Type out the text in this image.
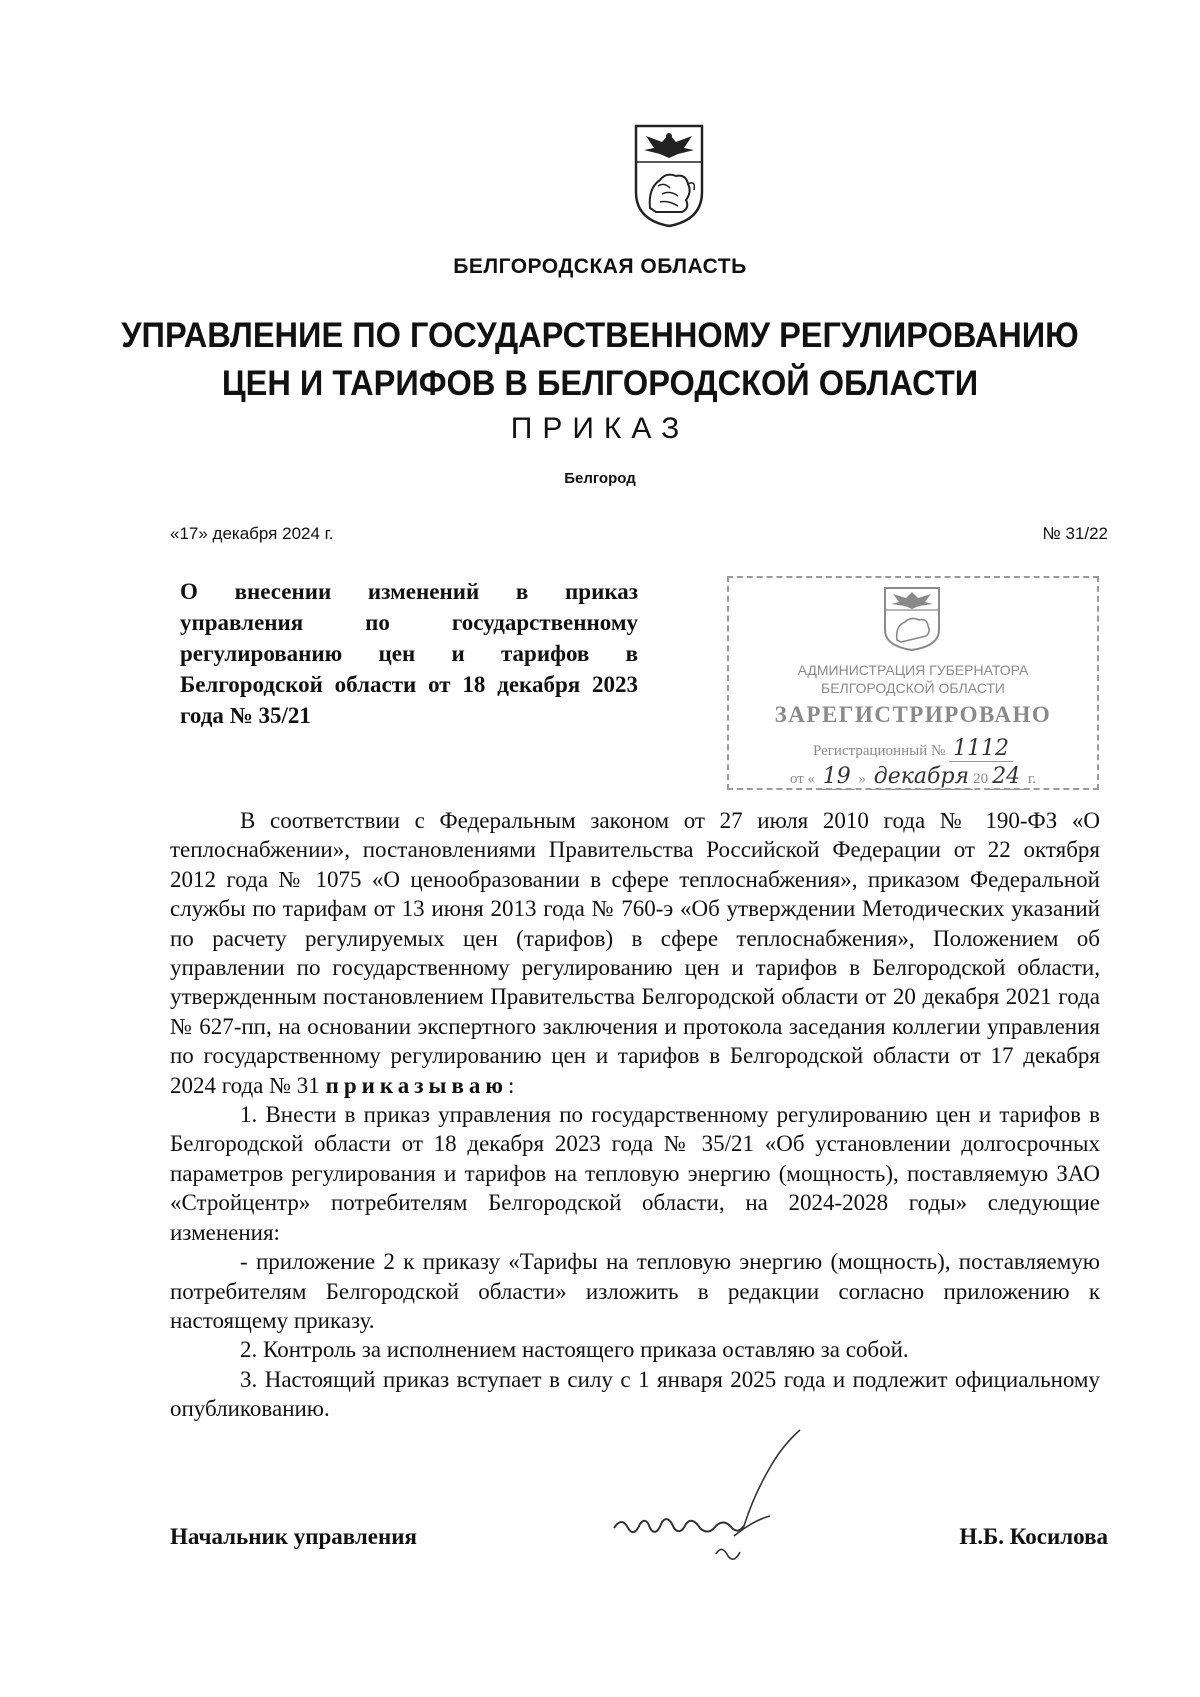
БЕЛГОРОДСКАЯ ОБЛАСТЬ
УПРАВЛЕНИЕ ПО ГОСУДАРСТВЕННОМУ РЕГУЛИРОВАНИЮ
ЦЕН И ТАРИФОВ В БЕЛГОРОДСКОЙ ОБЛАСТИ
ПРИКАЗ
Белгород
«17» декабря 2024 г.	№ 31/22
О внесении изменений в приказ управления по государственному регулированию цен и тарифов в Белгородской области от 18 декабря 2023 года № 35/21
АДМИНИСТРАЦИЯ ГУБЕРНАТОРА
БЕЛГОРОДСКОЙ ОБЛАСТИ
ЗАРЕГИСТРИРОВАНО
Регистрационный № 1112
от « 19 » декабря 20 24 г.

В соответствии с Федеральным законом от 27 июля 2010 года № 190-ФЗ «О теплоснабжении», постановлениями Правительства Российской Федерации от 22 октября 2012 года № 1075 «О ценообразовании в сфере теплоснабжения», приказом Федеральной службы по тарифам от 13 июня 2013 года № 760-э «Об утверждении Методических указаний по расчету регулируемых цен (тарифов) в сфере теплоснабжения», Положением об управлении по государственному регулированию цен и тарифов в Белгородской области, утвержденным постановлением Правительства Белгородской области от 20 декабря 2021 года № 627-пп, на основании экспертного заключения и протокола заседания коллегии управления по государственному регулированию цен и тарифов в Белгородской области от 17 декабря 2024 года № 31 приказываю:

1. Внести в приказ управления по государственному регулированию цен и тарифов в Белгородской области от 18 декабря 2023 года № 35/21 «Об установлении долгосрочных параметров регулирования и тарифов на тепловую энергию (мощность), поставляемую ЗАО «Стройцентр» потребителям Белгородской области, на 2024-2028 годы» следующие изменения:

- приложение 2 к приказу «Тарифы на тепловую энергию (мощность), поставляемую потребителям Белгородской области» изложить в редакции согласно приложению к настоящему приказу.

2. Контроль за исполнением настоящего приказа оставляю за собой.

3. Настоящий приказ вступает в силу с 1 января 2025 года и подлежит официальному опубликованию.

Начальник управления	Н.Б. Косилова
